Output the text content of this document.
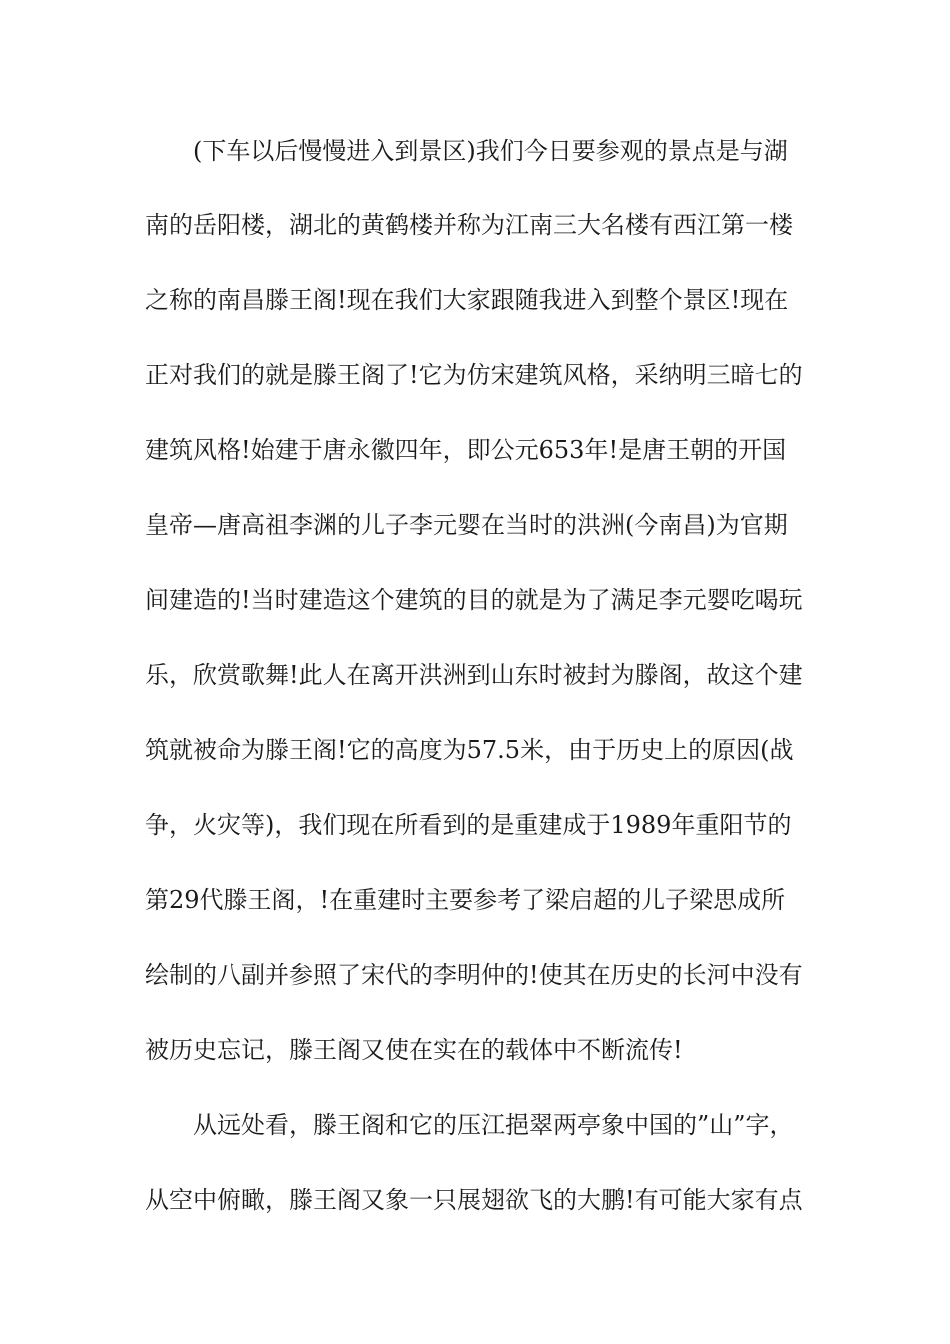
(下车以后慢慢进入到景区)我们今日要参观的景点是与湖
南的岳阳楼，湖北的黄鹤楼并称为江南三大名楼有西江第一楼
之称的南昌滕王阁!现在我们大家跟随我进入到整个景区!现在
正对我们的就是滕王阁了!它为仿宋建筑风格，采纳明三暗七的
建筑风格!始建于唐永徽四年，即公元653年!是唐王朝的开国
皇帝—唐高祖李渊的儿子李元婴在当时的洪洲(今南昌)为官期
间建造的!当时建造这个建筑的目的就是为了满足李元婴吃喝玩
乐，欣赏歌舞!此人在离开洪洲到山东时被封为滕阁，故这个建
筑就被命为滕王阁!它的高度为57.5米，由于历史上的原因(战
争，火灾等)，我们现在所看到的是重建成于1989年重阳节的
第29代滕王阁，!在重建时主要参考了梁启超的儿子梁思成所
绘制的八副并参照了宋代的李明仲的!使其在历史的长河中没有
被历史忘记，滕王阁又使在实在的载体中不断流传!
从远处看，滕王阁和它的压江挹翠两亭象中国的”山”字，
从空中俯瞰，滕王阁又象一只展翅欲飞的大鹏!有可能大家有点
